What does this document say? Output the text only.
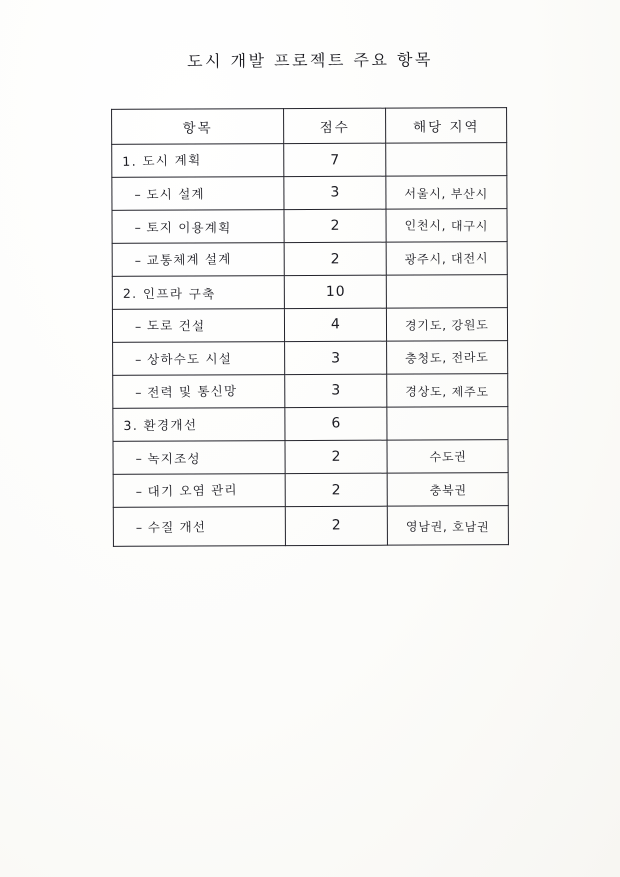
도시 개발 프로젝트 주요 항목
항목	점수	해당 지역
1. 도시 계획	7	
– 도시 설계	3	서울시, 부산시
– 토지 이용계획	2	인천시, 대구시
– 교통체계 설계	2	광주시, 대전시
2. 인프라 구축	10	
– 도로 건설	4	경기도, 강원도
– 상하수도 시설	3	충청도, 전라도
– 전력 및 통신망	3	경상도, 제주도
3. 환경개선	6	
– 녹지조성	2	수도권
– 대기 오염 관리	2	충북권
– 수질 개선	2	영남권, 호남권
